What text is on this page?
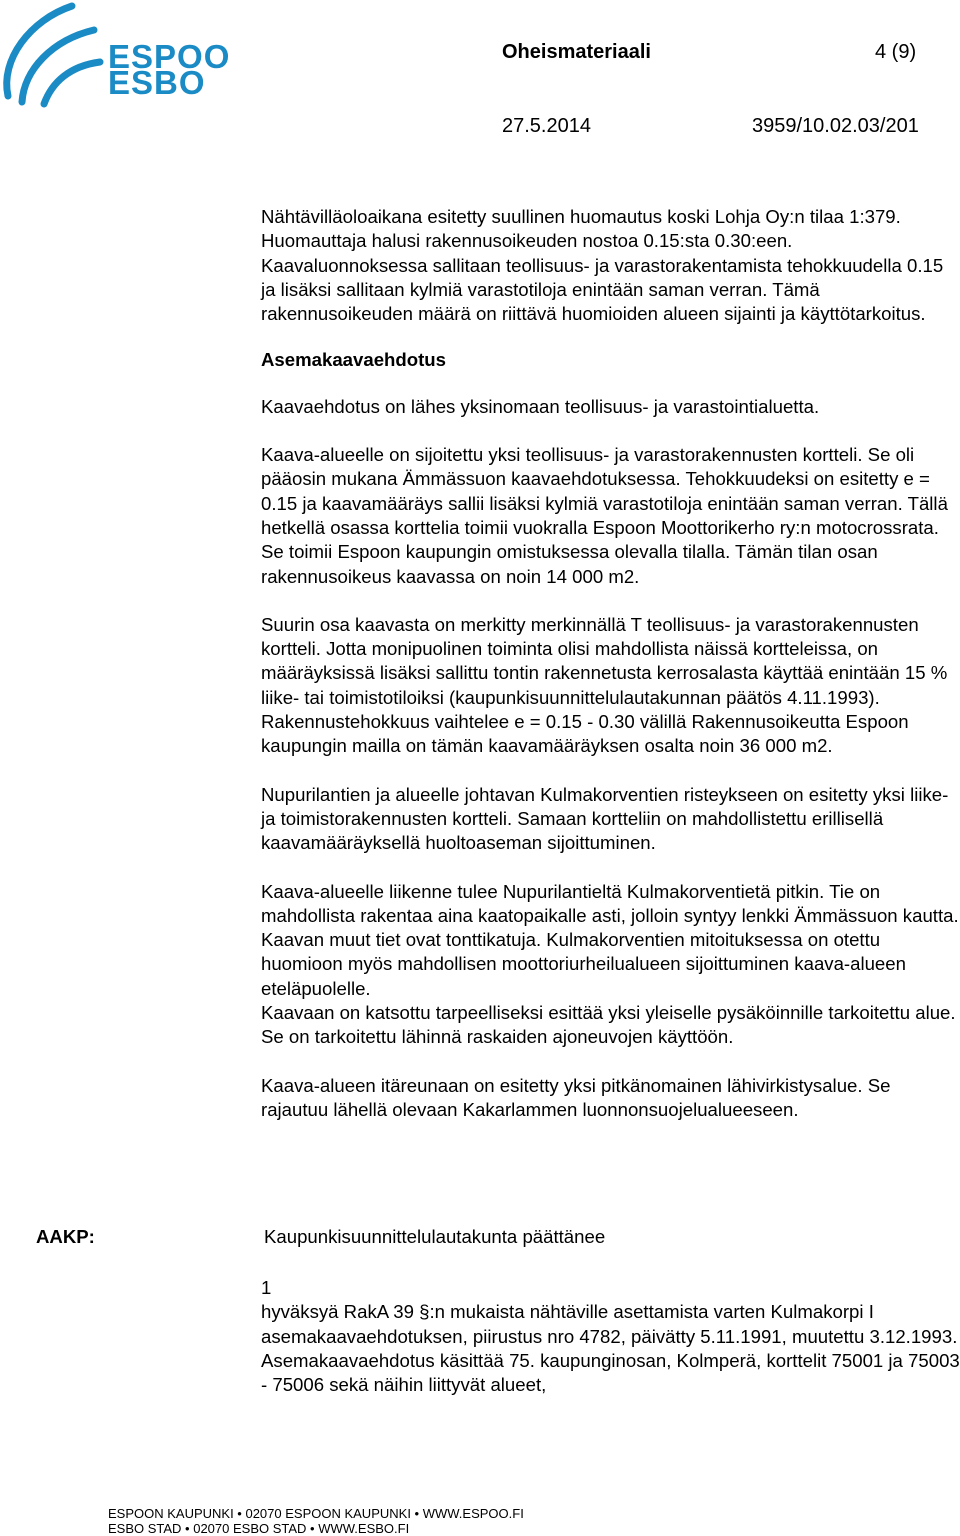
ESPOO
ESBO
Oheismateriaali	4 (9)
27.5.2014	3959/10.02.03/201

Nähtävilläoloaikana esitetty suullinen huomautus koski Lohja Oy:n tilaa 1:379. Huomauttaja halusi rakennusoikeuden nostoa 0.15:sta 0.30:een. Kaavaluonnoksessa sallitaan teollisuus- ja varastorakentamista tehokkuudella 0.15 ja lisäksi sallitaan kylmiä varastotiloja enintään saman verran. Tämä rakennusoikeuden määrä on riittävä huomioiden alueen sijainti ja käyttötarkoitus.

Asemakaavaehdotus

Kaavaehdotus on lähes yksinomaan teollisuus- ja varastointialuetta.

Kaava-alueelle on sijoitettu yksi teollisuus- ja varastorakennusten kortteli. Se oli pääosin mukana Ämmässuon kaavaehdotuksessa. Tehokkuudeksi on esitetty e = 0.15 ja kaavamääräys sallii lisäksi kylmiä varastotiloja enintään saman verran. Tällä hetkellä osassa korttelia toimii vuokralla Espoon Moottorikerho ry:n motocrossrata. Se toimii Espoon kaupungin omistuksessa olevalla tilalla. Tämän tilan osan rakennusoikeus kaavassa on noin 14 000 m2.

Suurin osa kaavasta on merkitty merkinnällä T teollisuus- ja varastorakennusten kortteli. Jotta monipuolinen toiminta olisi mahdollista näissä kortteleissa, on määräyksissä lisäksi sallittu tontin rakennetusta kerrosalasta käyttää enintään 15 % liike- tai toimistotiloiksi (kaupunkisuunnittelulautakunnan päätös 4.11.1993). Rakennustehokkuus vaihtelee e = 0.15 - 0.30 välillä Rakennusoikeutta Espoon kaupungin mailla on tämän kaavamääräyksen osalta noin 36 000 m2.

Nupurilantien ja alueelle johtavan Kulmakorventien risteykseen on esitetty yksi liike- ja toimistorakennusten kortteli. Samaan kortteliin on mahdollistettu erillisellä kaavamääräyksellä huoltoaseman sijoittuminen.

Kaava-alueelle liikenne tulee Nupurilantieltä Kulmakorventietä pitkin. Tie on mahdollista rakentaa aina kaatopaikalle asti, jolloin syntyy lenkki Ämmässuon kautta. Kaavan muut tiet ovat tonttikatuja. Kulmakorventien mitoituksessa on otettu huomioon myös mahdollisen moottoriurheilualueen sijoittuminen kaava-alueen eteläpuolelle.

Kaavaan on katsottu tarpeelliseksi esittää yksi yleiselle pysäköinnille tarkoitettu alue. Se on tarkoitettu lähinnä raskaiden ajoneuvojen käyttöön.

Kaava-alueen itäreunaan on esitetty yksi pitkänomainen lähivirkistysalue. Se rajautuu lähellä olevaan Kakarlammen luonnonsuojelualueeseen.

AAKP:	Kaupunkisuunnittelulautakunta päättänee

1

hyväksyä RakA 39 §:n mukaista nähtäville asettamista varten Kulmakorpi I asemakaavaehdotuksen, piirustus nro 4782, päivätty 5.11.1991, muutettu 3.12.1993. Asemakaavaehdotus käsittää 75. kaupunginosan, Kolmperä, korttelit 75001 ja 75003 - 75006 sekä näihin liittyvät alueet,

ESPOON KAUPUNKI • 02070 ESPOON KAUPUNKI • WWW.ESPOO.FI
ESBO STAD • 02070 ESBO STAD • WWW.ESBO.FI
